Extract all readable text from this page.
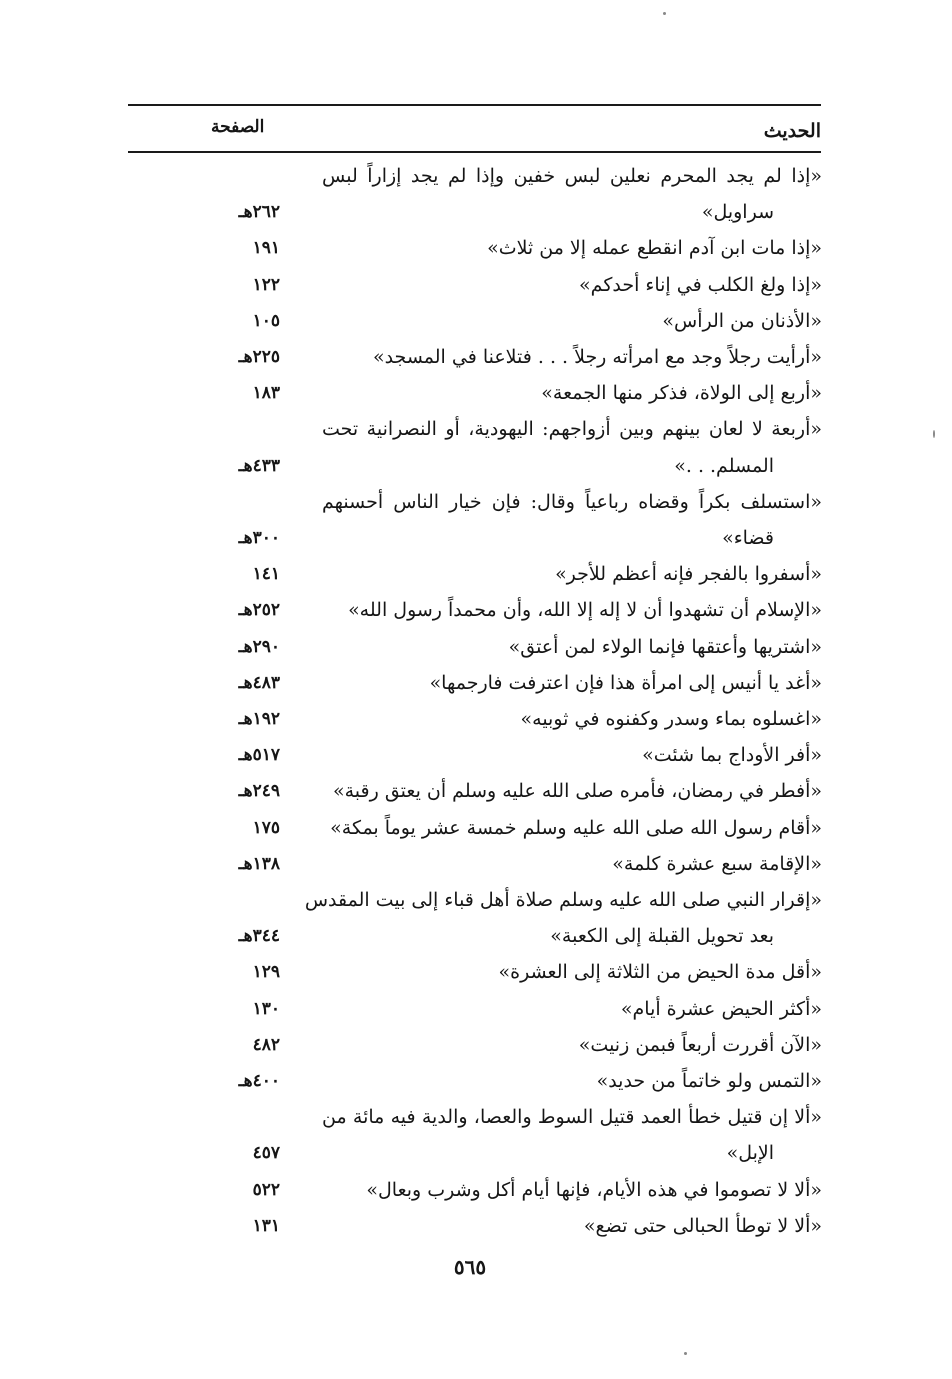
الحديث
الصفحة
«إذا لم يجد المحرم نعلين لبس خفين وإذا لم يجد إزاراً لبس
سراويل»
٢٦٢هـ
«إذا مات ابن آدم انقطع عمله إلا من ثلاث»
١٩١
«إذا ولغ الكلب في إناء أحدكم»
١٢٢
«الأذنان من الرأس»
١٠٥
«أرأيت رجلاً وجد مع امرأته رجلاً . . . فتلاعنا في المسجد»
٢٢٥هـ
«أربع إلى الولاة، فذكر منها الجمعة»
١٨٣
«أربعة لا لعان بينهم وبين أزواجهم: اليهودية، أو النصرانية تحت
المسلم. . .»
٤٣٣هـ
«استسلف بكراً وقضاه رباعياً وقال: فإن خيار الناس أحسنهم
قضاء»
٣٠٠هـ
«أسفروا بالفجر فإنه أعظم للأجر»
١٤١
«الإسلام أن تشهدوا أن لا إله إلا الله، وأن محمداً رسول الله»
٢٥٢هـ
«اشتريها وأعتقها فإنما الولاء لمن أعتق»
٢٩٠هـ
«أغد يا أنيس إلى امرأة هذا فإن اعترفت فارجمها»
٤٨٣هـ
«اغسلوه بماء وسدر وكفنوه في ثوبيه»
١٩٢هـ
«أفر الأوداج بما شئت»
٥١٧هـ
«أفطر في رمضان، فأمره صلى الله عليه وسلم أن يعتق رقبة»
٢٤٩هـ
«أقام رسول الله صلى الله عليه وسلم خمسة عشر يوماً بمكة»
١٧٥
«الإقامة سبع عشرة كلمة»
١٣٨هـ
«إقرار النبي صلى الله عليه وسلم صلاة أهل قباء إلى بيت المقدس
بعد تحويل القبلة إلى الكعبة»
٣٤٤هـ
«أقل مدة الحيض من الثلاثة إلى العشرة»
١٢٩
«أكثر الحيض عشرة أيام»
١٣٠
«الآن أقررت أربعاً فبمن زنيت»
٤٨٢
«التمس ولو خاتماً من حديد»
٤٠٠هـ
«ألا إن قتيل خطأ العمد قتيل السوط والعصا، والدية فيه مائة من
الإبل»
٤٥٧
«ألا لا تصوموا في هذه الأيام، فإنها أيام أكل وشرب وبعال»
٥٢٢
«ألا لا توطأ الحبالى حتى تضع»
١٣١
٥٦٥
